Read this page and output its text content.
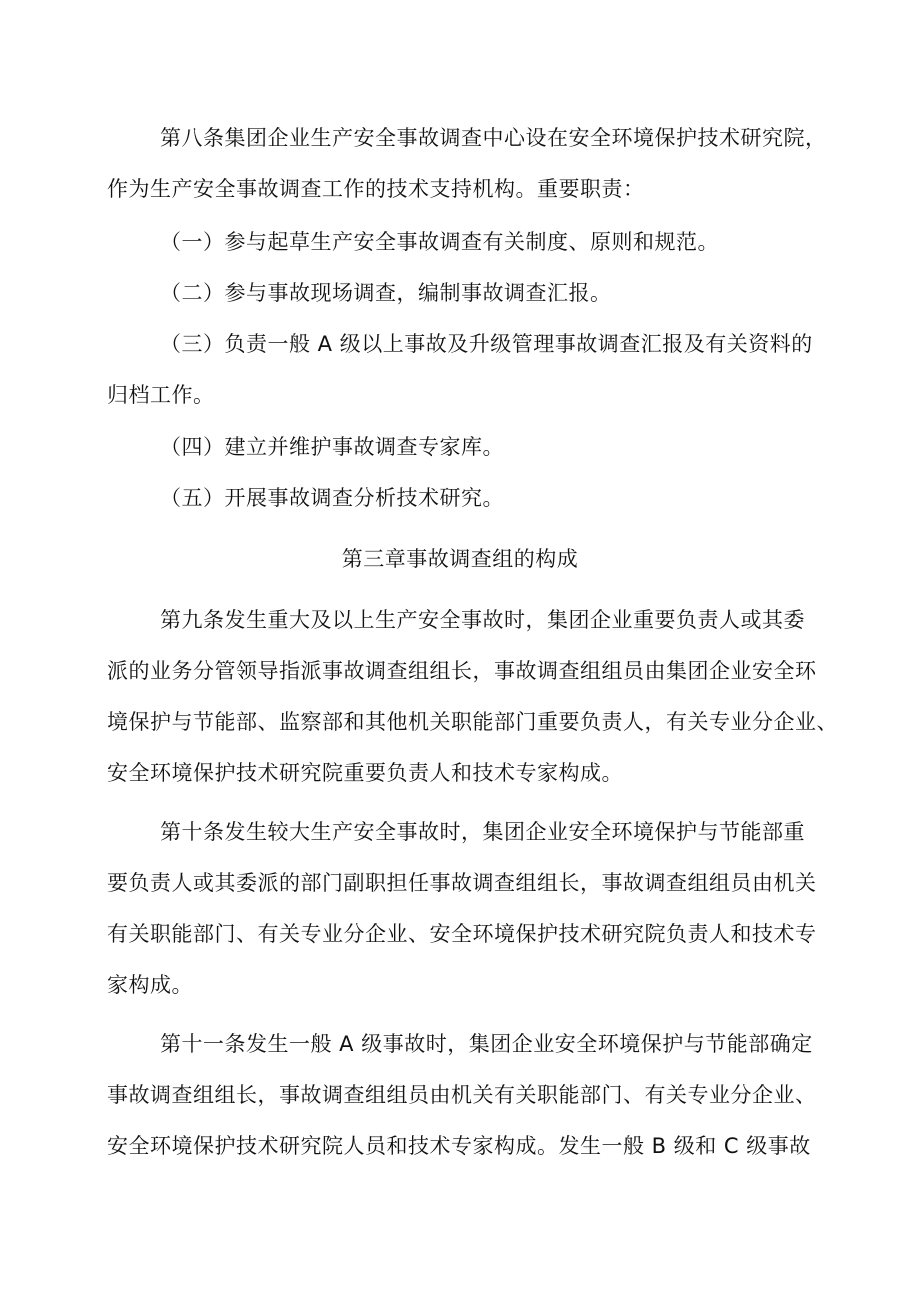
第八条集团企业生产安全事故调查中心设在安全环境保护技术研究院，
作为生产安全事故调查工作的技术支持机构。重要职责：
（一）参与起草生产安全事故调查有关制度、原则和规范。
（二）参与事故现场调查，编制事故调查汇报。
（三）负责一般 A 级以上事故及升级管理事故调查汇报及有关资料的
归档工作。
（四）建立并维护事故调查专家库。
（五）开展事故调查分析技术研究。
第三章事故调查组的构成
第九条发生重大及以上生产安全事故时，集团企业重要负责人或其委
派的业务分管领导指派事故调查组组长，事故调查组组员由集团企业安全环
境保护与节能部、监察部和其他机关职能部门重要负责人，有关专业分企业、
安全环境保护技术研究院重要负责人和技术专家构成。
第十条发生较大生产安全事故时，集团企业安全环境保护与节能部重
要负责人或其委派的部门副职担任事故调查组组长，事故调查组组员由机关
有关职能部门、有关专业分企业、安全环境保护技术研究院负责人和技术专
家构成。
第十一条发生一般 A 级事故时，集团企业安全环境保护与节能部确定
事故调查组组长，事故调查组组员由机关有关职能部门、有关专业分企业、
安全环境保护技术研究院人员和技术专家构成。发生一般 B 级和 C 级事故
